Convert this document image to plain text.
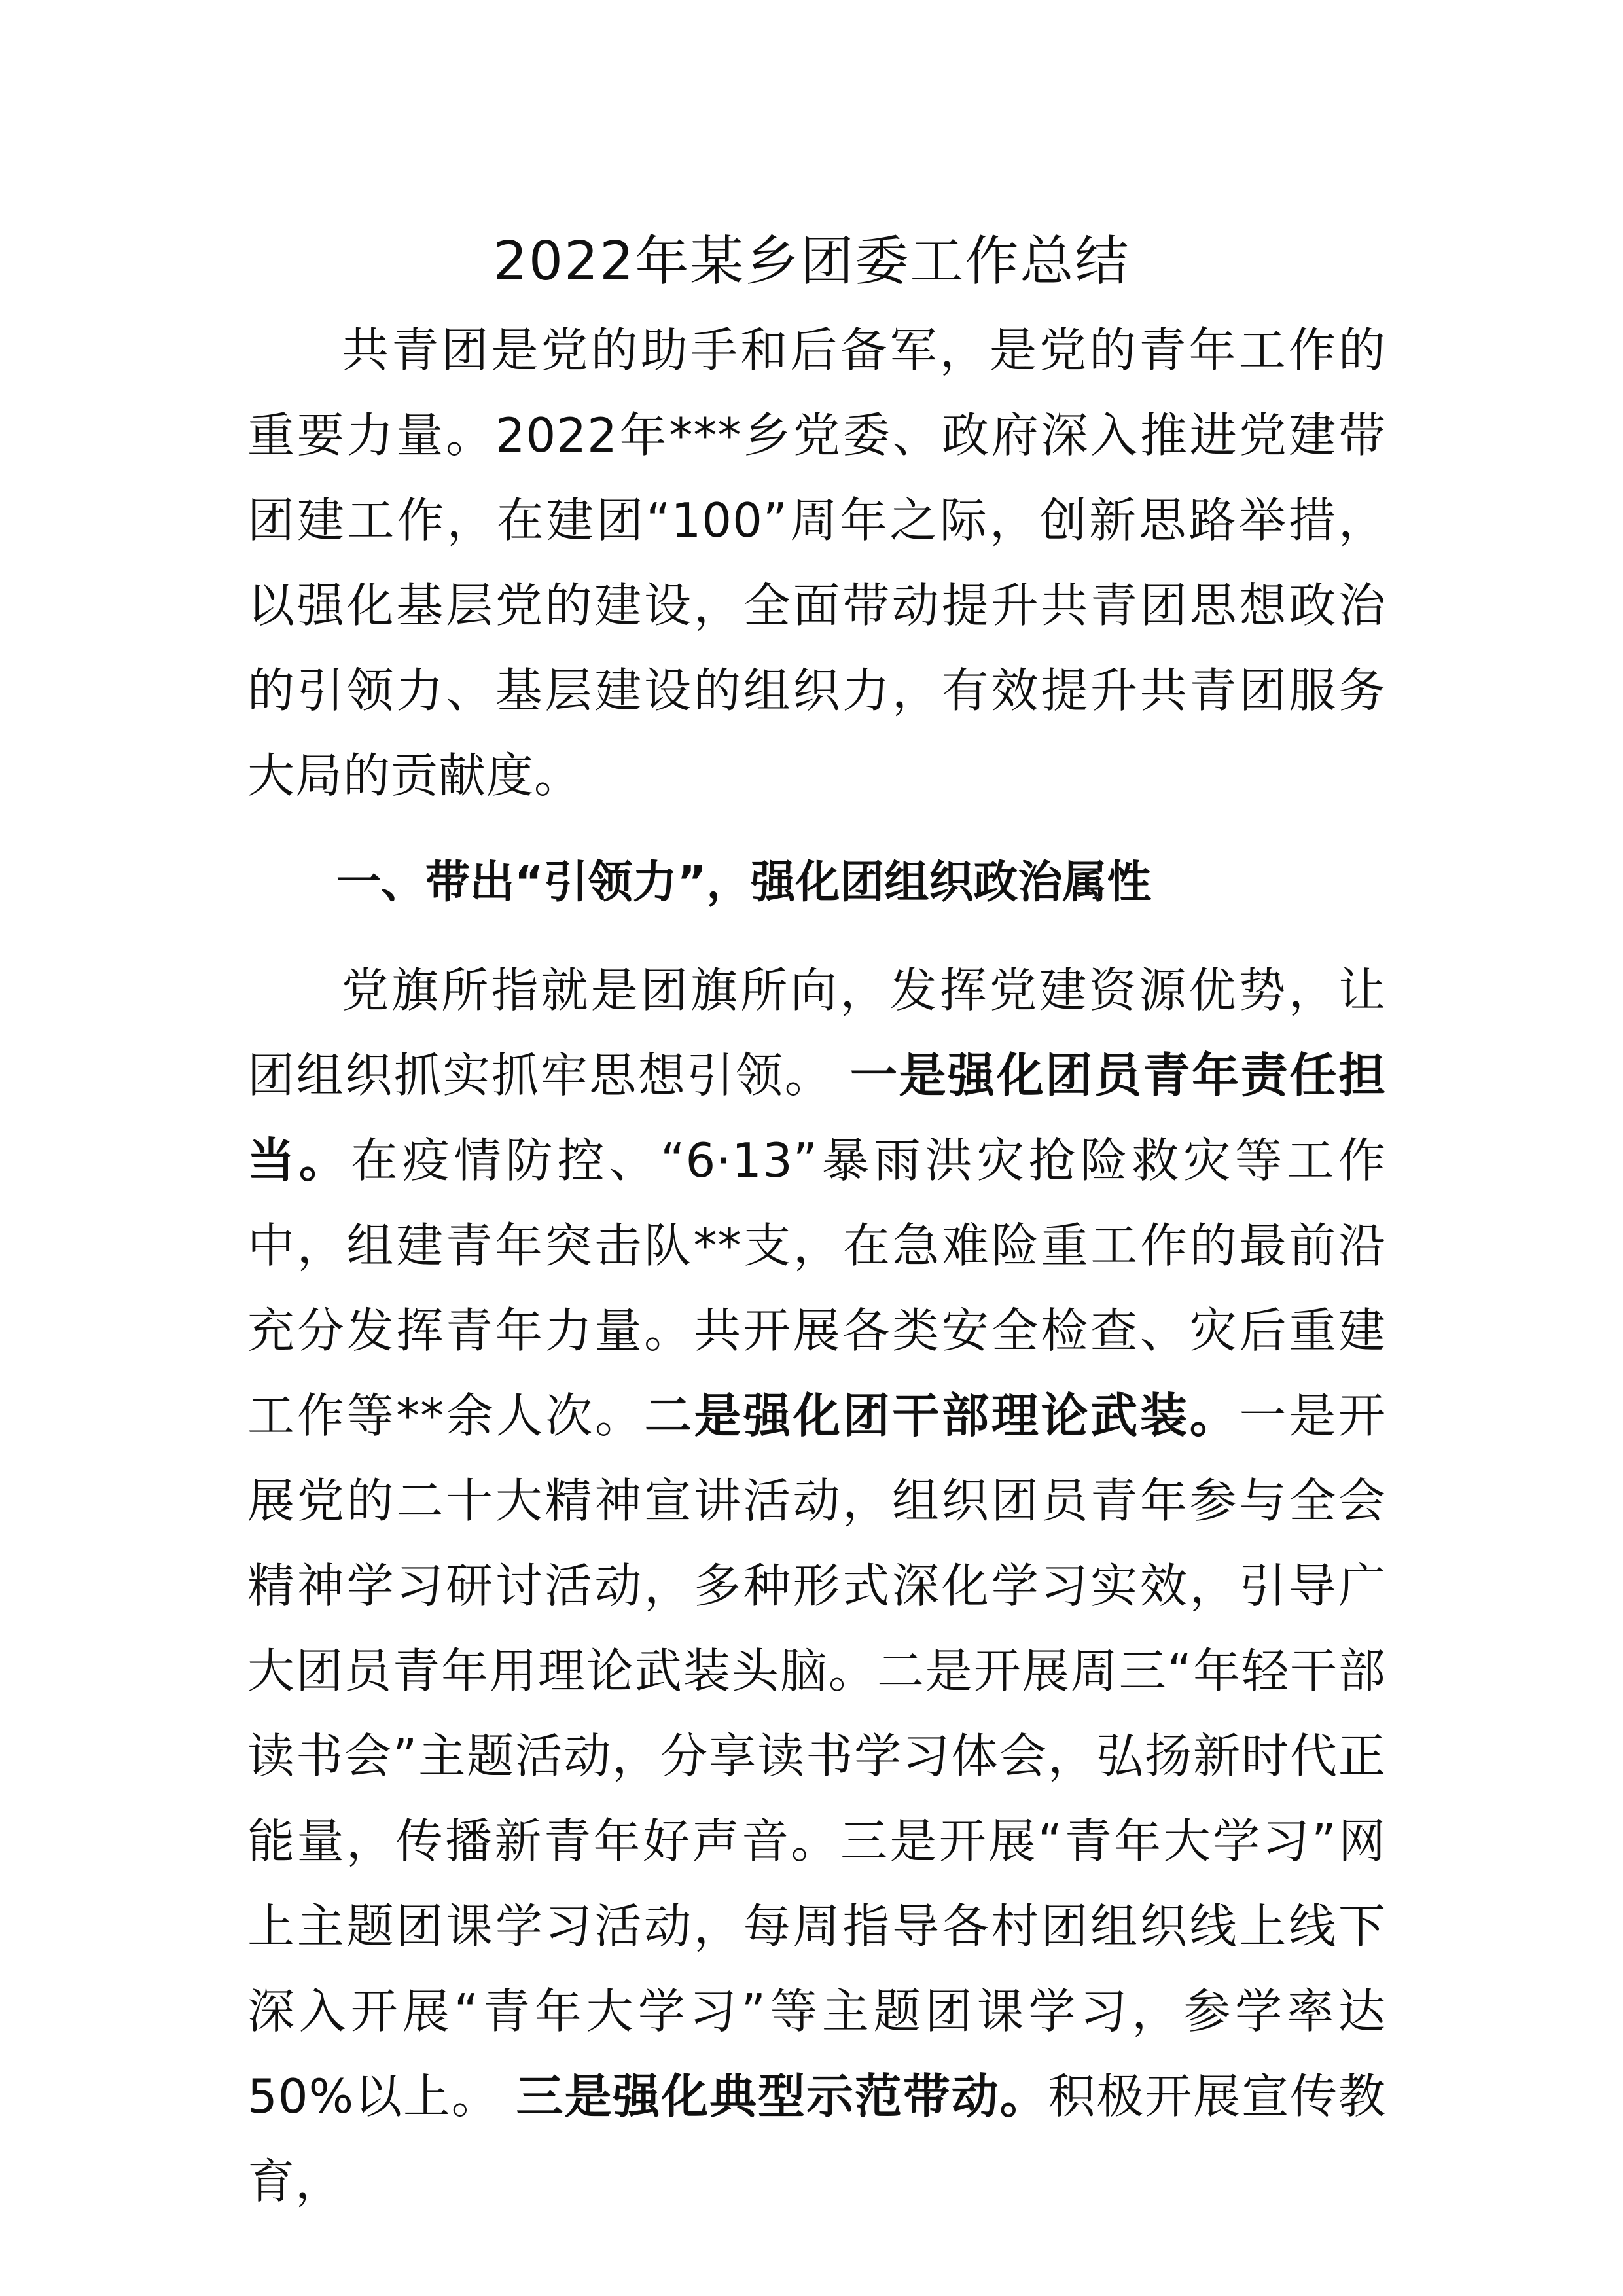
2022年某乡团委工作总结

共青团是党的助手和后备军，是党的青年工作的重要力量。2022年***乡党委、政府深入推进党建带团建工作，在建团“100”周年之际，创新思路举措，以强化基层党的建设，全面带动提升共青团思想政治的引领力、基层建设的组织力，有效提升共青团服务大局的贡献度。

一、带出“引领力”，强化团组织政治属性

党旗所指就是团旗所向，发挥党建资源优势，让团组织抓实抓牢思想引领。 一是强化团员青年责任担当。在疫情防控、“6·13”暴雨洪灾抢险救灾等工作中，组建青年突击队**支，在急难险重工作的最前沿充分发挥青年力量。共开展各类安全检查、灾后重建工作等**余人次。二是强化团干部理论武装。一是开展党的二十大精神宣讲活动，组织团员青年参与全会精神学习研讨活动，多种形式深化学习实效，引导广大团员青年用理论武装头脑。二是开展周三“年轻干部读书会”主题活动，分享读书学习体会，弘扬新时代正能量，传播新青年好声音。三是开展“青年大学习”网上主题团课学习活动，每周指导各村团组织线上线下深入开展“青年大学习”等主题团课学习，参学率达50%以上。 三是强化典型示范带动。积极开展宣传教育，
